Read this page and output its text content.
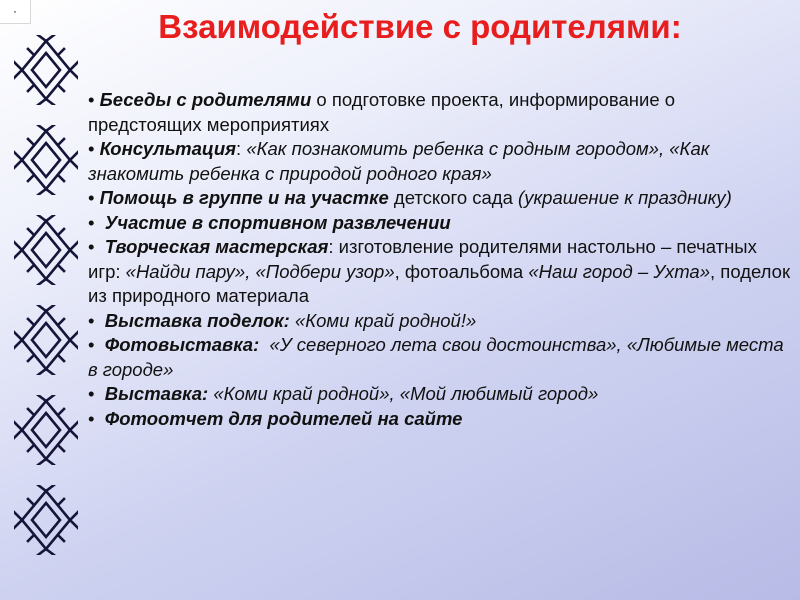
·	Взаимодействие с родителями:
• Беседы с родителями о подготовке проекта, информирование о предстоящих мероприятиях
• Консультация: «Как познакомить ребенка с родным городом», «Как знакомить ребенка с природой родного края»
• Помощь в группе и на участке детского сада (украшение к празднику)
• Участие в спортивном развлечении
• Творческая мастерская: изготовление родителями настольно – печатных игр: «Найди пару», «Подбери узор», фотоальбома «Наш город – Ухта», поделок из природного материала
• Выставка поделок: «Коми край родной!»
• Фотовыставка: «У северного лета свои достоинства», «Любимые места в городе»
• Выставка: «Коми край родной», «Мой любимый город»
• Фотоотчет для родителей на сайте
